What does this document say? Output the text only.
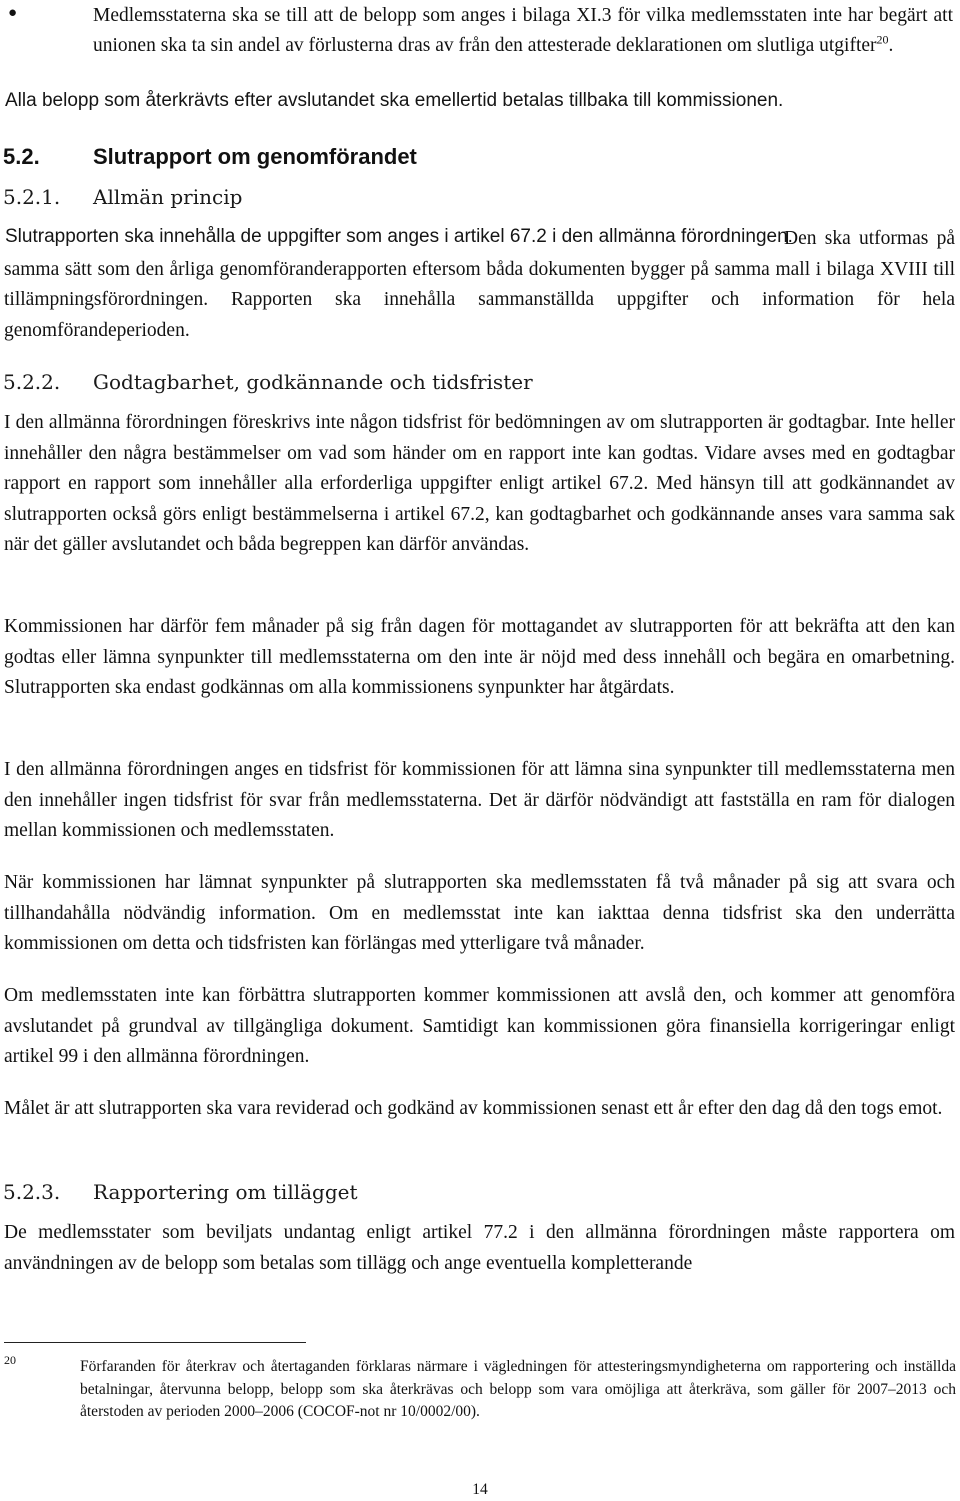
●	Medlemsstaterna ska se till att de belopp som anges i bilaga XI.3 för vilka medlemsstaten inte har begärt att unionen ska ta sin andel av förlusterna dras av från den attesterade deklarationen om slutliga utgifter$^{20}$.
Alla belopp som återkrävts efter avslutandet ska emellertid betalas tillbaka till kommissionen.
5.2. Slutrapport om genomförandet
5.2.1. Allmän princip
Slutrapporten ska innehålla de uppgifter som anges i artikel 67.2 i den allmänna förordningen.

Den ska utformas på samma sätt som den årliga genomföranderapporten eftersom båda dokumenten bygger på samma mall i bilaga XVIII till tillämpningsförordningen. Rapporten ska innehålla sammanställda uppgifter och information för hela genomförandeperioden.

5.2.2. Godtagbarhet, godkännande och tidsfrister

I den allmänna förordningen föreskrivs inte någon tidsfrist för bedömningen av om slutrapporten är godtagbar. Inte heller innehåller den några bestämmelser om vad som händer om en rapport inte kan godtas. Vidare avses med en godtagbar rapport en rapport som innehåller alla erforderliga uppgifter enligt artikel 67.2. Med hänsyn till att godkännandet av slutrapporten också görs enligt bestämmelserna i artikel 67.2, kan godtagbarhet och godkännande anses vara samma sak när det gäller avslutandet och båda begreppen kan därför användas.

Kommissionen har därför fem månader på sig från dagen för mottagandet av slutrapporten för att bekräfta att den kan godtas eller lämna synpunkter till medlemsstaterna om den inte är nöjd med dess innehåll och begära en omarbetning. Slutrapporten ska endast godkännas om alla kommissionens synpunkter har åtgärdats.

I den allmänna förordningen anges en tidsfrist för kommissionen för att lämna sina synpunkter till medlemsstaterna men den innehåller ingen tidsfrist för svar från medlemsstaterna. Det är därför nödvändigt att fastställa en ram för dialogen mellan kommissionen och medlemsstaten.

När kommissionen har lämnat synpunkter på slutrapporten ska medlemsstaten få två månader på sig att svara och tillhandahålla nödvändig information. Om en medlemsstat inte kan iakttaa denna tidsfrist ska den underrätta kommissionen om detta och tidsfristen kan förlängas med ytterligare två månader.

Om medlemsstaten inte kan förbättra slutrapporten kommer kommissionen att avslå den, och kommer att genomföra avslutandet på grundval av tillgängliga dokument. Samtidigt kan kommissionen göra finansiella korrigeringar enligt artikel 99 i den allmänna förordningen.

Målet är att slutrapporten ska vara reviderad och godkänd av kommissionen senast ett år efter den dag då den togs emot.

5.2.3. Rapportering om tillägget

De medlemsstater som beviljats undantag enligt artikel 77.2 i den allmänna förordningen måste rapportera om användningen av de belopp som betalas som tillägg och ange eventuella kompletterande

20	Förfaranden för återkrav och återtaganden förklaras närmare i vägledningen för attesteringsmyndigheterna om rapportering och inställda betalningar, återvunna belopp, belopp som ska återkrävas och belopp som vara omöjliga att återkräva, som gäller för 2007–2013 och återstoden av perioden 2000–2006 (COCOF-not nr 10/0002/00).

14
